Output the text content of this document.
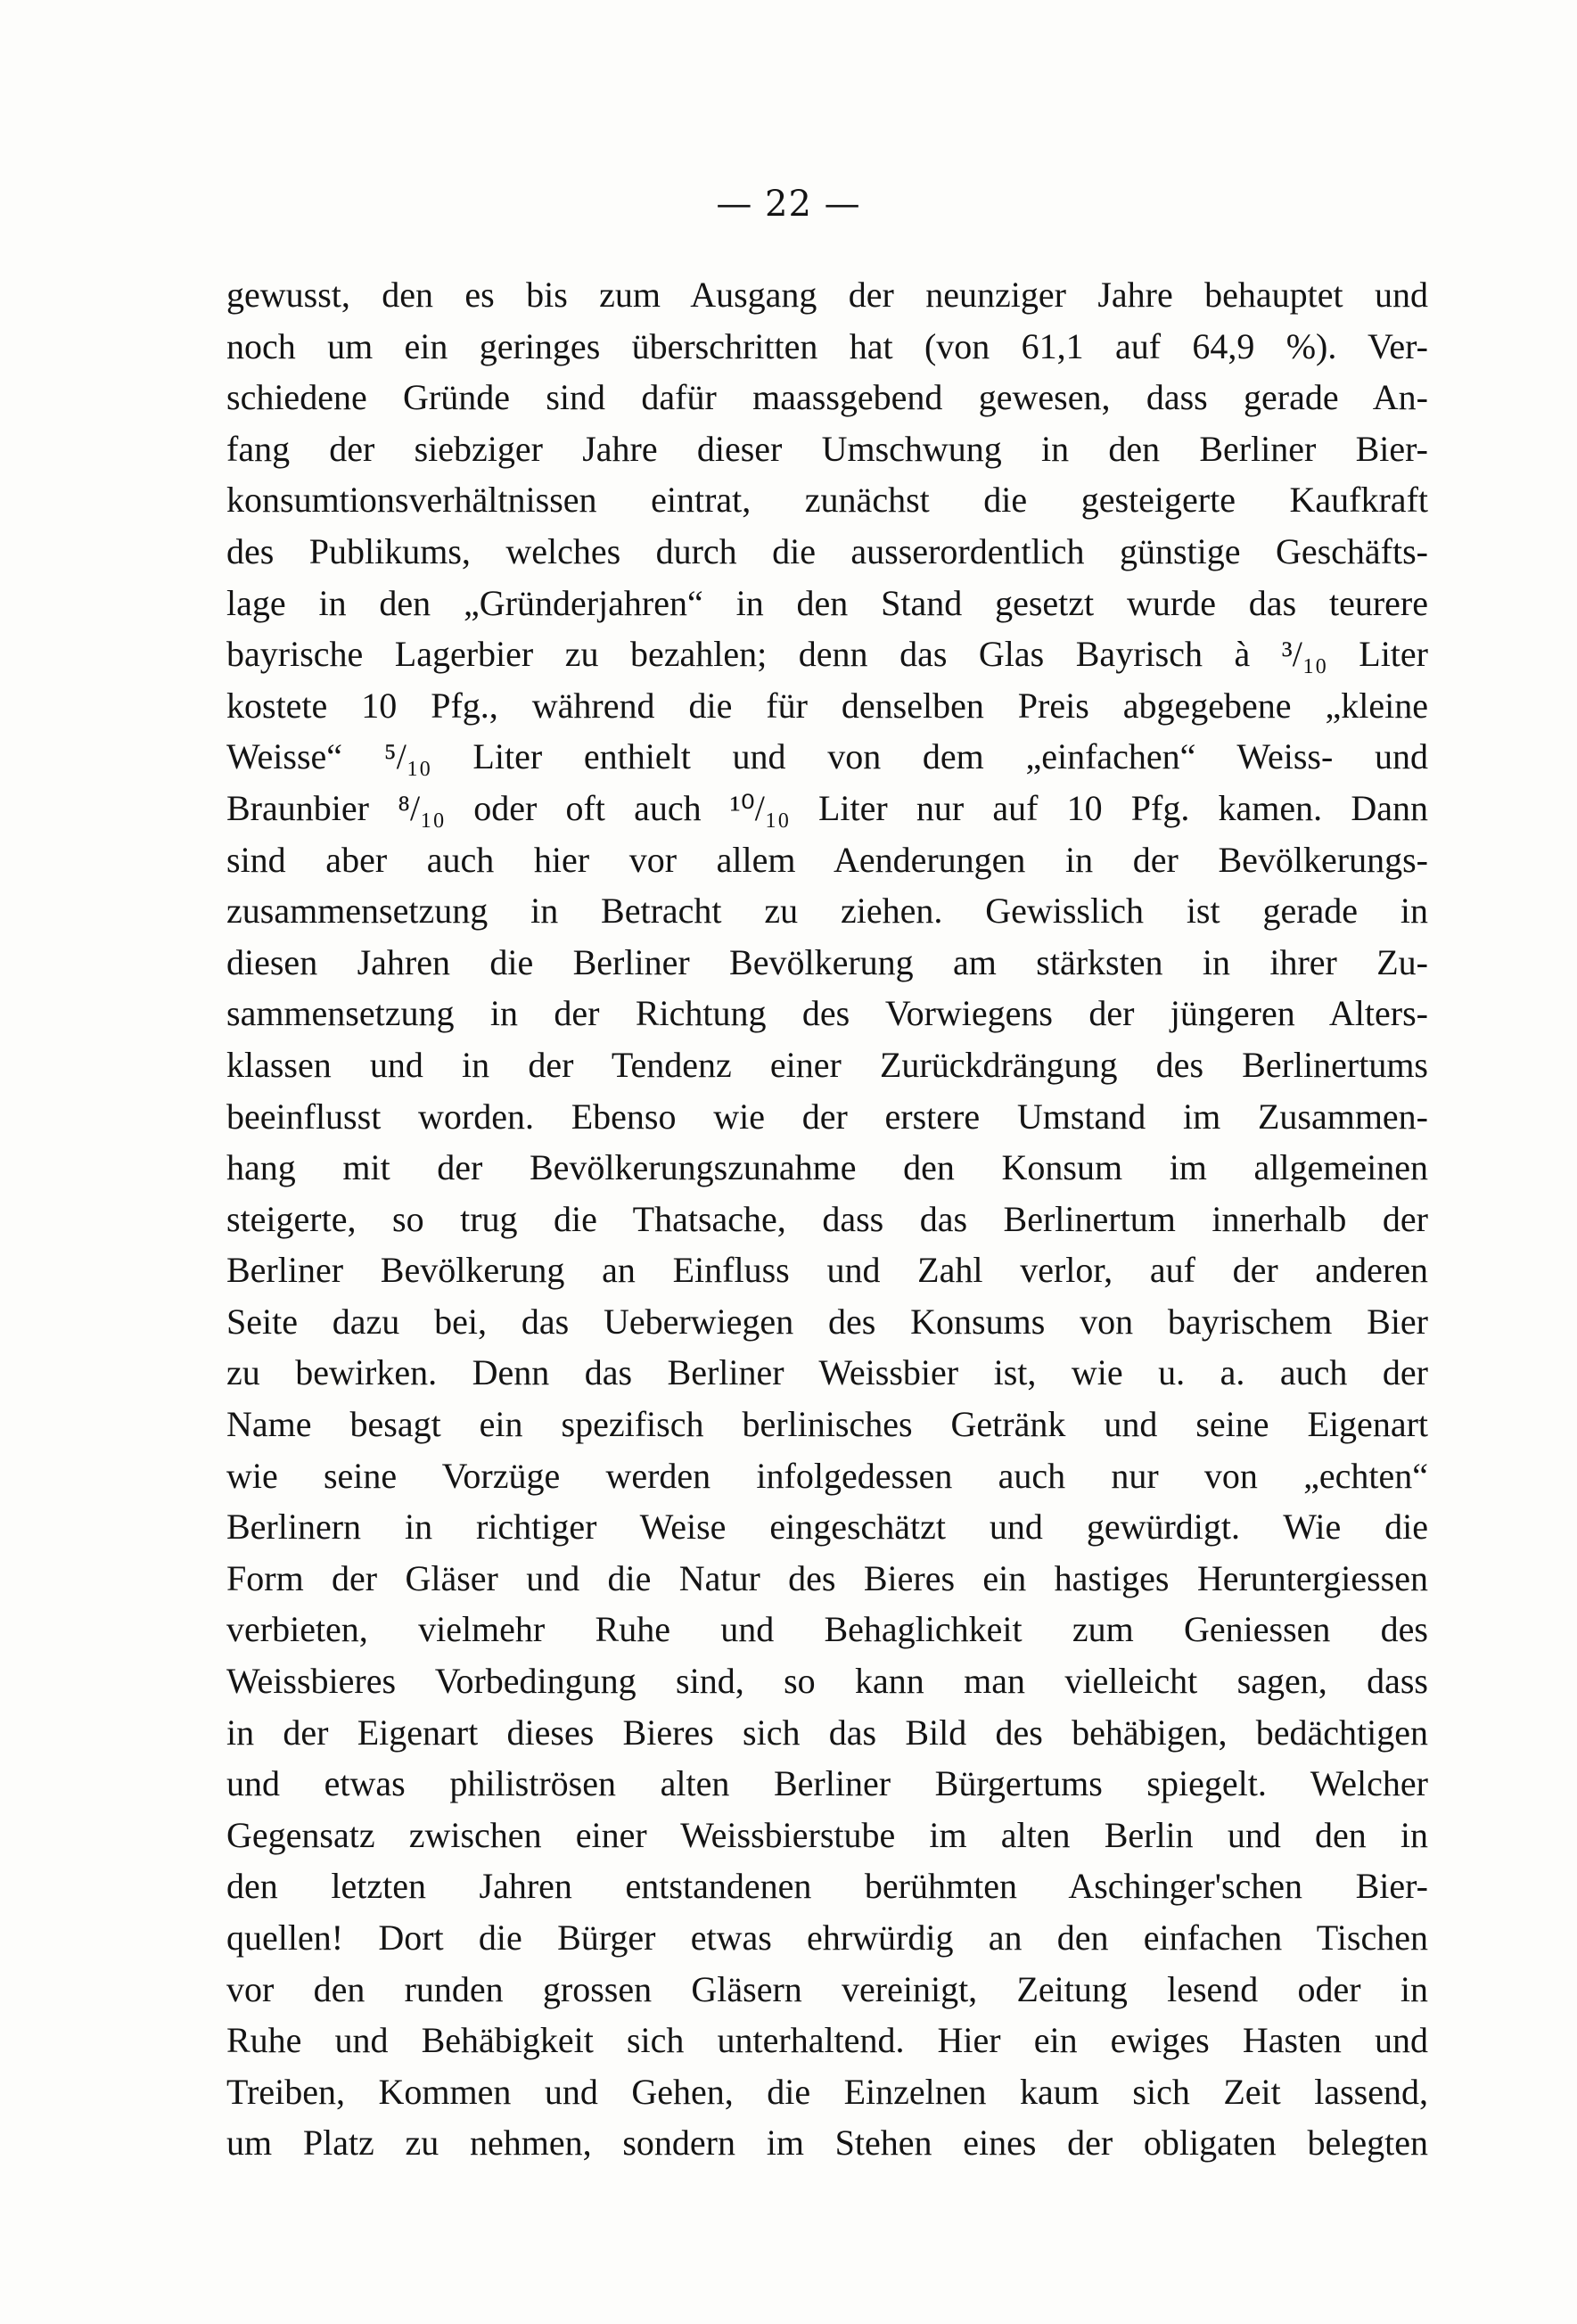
— 22 —
gewusst, den es bis zum Ausgang der neunziger Jahre behauptet und
noch um ein geringes überschritten hat (von 61,1 auf 64,9 %). Ver-
schiedene Gründe sind dafür maassgebend gewesen, dass gerade An-
fang der siebziger Jahre dieser Umschwung in den Berliner Bier-
konsumtionsverhältnissen eintrat, zunächst die gesteigerte Kaufkraft
des Publikums, welches durch die ausserordentlich günstige Geschäfts-
lage in den „Gründerjahren“ in den Stand gesetzt wurde das teurere
bayrische Lagerbier zu bezahlen; denn das Glas Bayrisch à ³/₁₀ Liter
kostete 10 Pfg., während die für denselben Preis abgegebene „kleine
Weisse“ ⁵/₁₀ Liter enthielt und von dem „einfachen“ Weiss- und
Braunbier ⁸/₁₀ oder oft auch ¹⁰/₁₀ Liter nur auf 10 Pfg. kamen. Dann
sind aber auch hier vor allem Aenderungen in der Bevölkerungs-
zusammensetzung in Betracht zu ziehen. Gewisslich ist gerade in
diesen Jahren die Berliner Bevölkerung am stärksten in ihrer Zu-
sammensetzung in der Richtung des Vorwiegens der jüngeren Alters-
klassen und in der Tendenz einer Zurückdrängung des Berlinertums
beeinflusst worden. Ebenso wie der erstere Umstand im Zusammen-
hang mit der Bevölkerungszunahme den Konsum im allgemeinen
steigerte, so trug die Thatsache, dass das Berlinertum innerhalb der
Berliner Bevölkerung an Einfluss und Zahl verlor, auf der anderen
Seite dazu bei, das Ueberwiegen des Konsums von bayrischem Bier
zu bewirken. Denn das Berliner Weissbier ist, wie u. a. auch der
Name besagt ein spezifisch berlinisches Getränk und seine Eigenart
wie seine Vorzüge werden infolgedessen auch nur von „echten“
Berlinern in richtiger Weise eingeschätzt und gewürdigt. Wie die
Form der Gläser und die Natur des Bieres ein hastiges Heruntergiessen
verbieten, vielmehr Ruhe und Behaglichkeit zum Geniessen des
Weissbieres Vorbedingung sind, so kann man vielleicht sagen, dass
in der Eigenart dieses Bieres sich das Bild des behäbigen, bedächtigen
und etwas philiströsen alten Berliner Bürgertums spiegelt. Welcher
Gegensatz zwischen einer Weissbierstube im alten Berlin und den in
den letzten Jahren entstandenen berühmten Aschinger'schen Bier-
quellen! Dort die Bürger etwas ehrwürdig an den einfachen Tischen
vor den runden grossen Gläsern vereinigt, Zeitung lesend oder in
Ruhe und Behäbigkeit sich unterhaltend. Hier ein ewiges Hasten und
Treiben, Kommen und Gehen, die Einzelnen kaum sich Zeit lassend,
um Platz zu nehmen, sondern im Stehen eines der obligaten belegten
